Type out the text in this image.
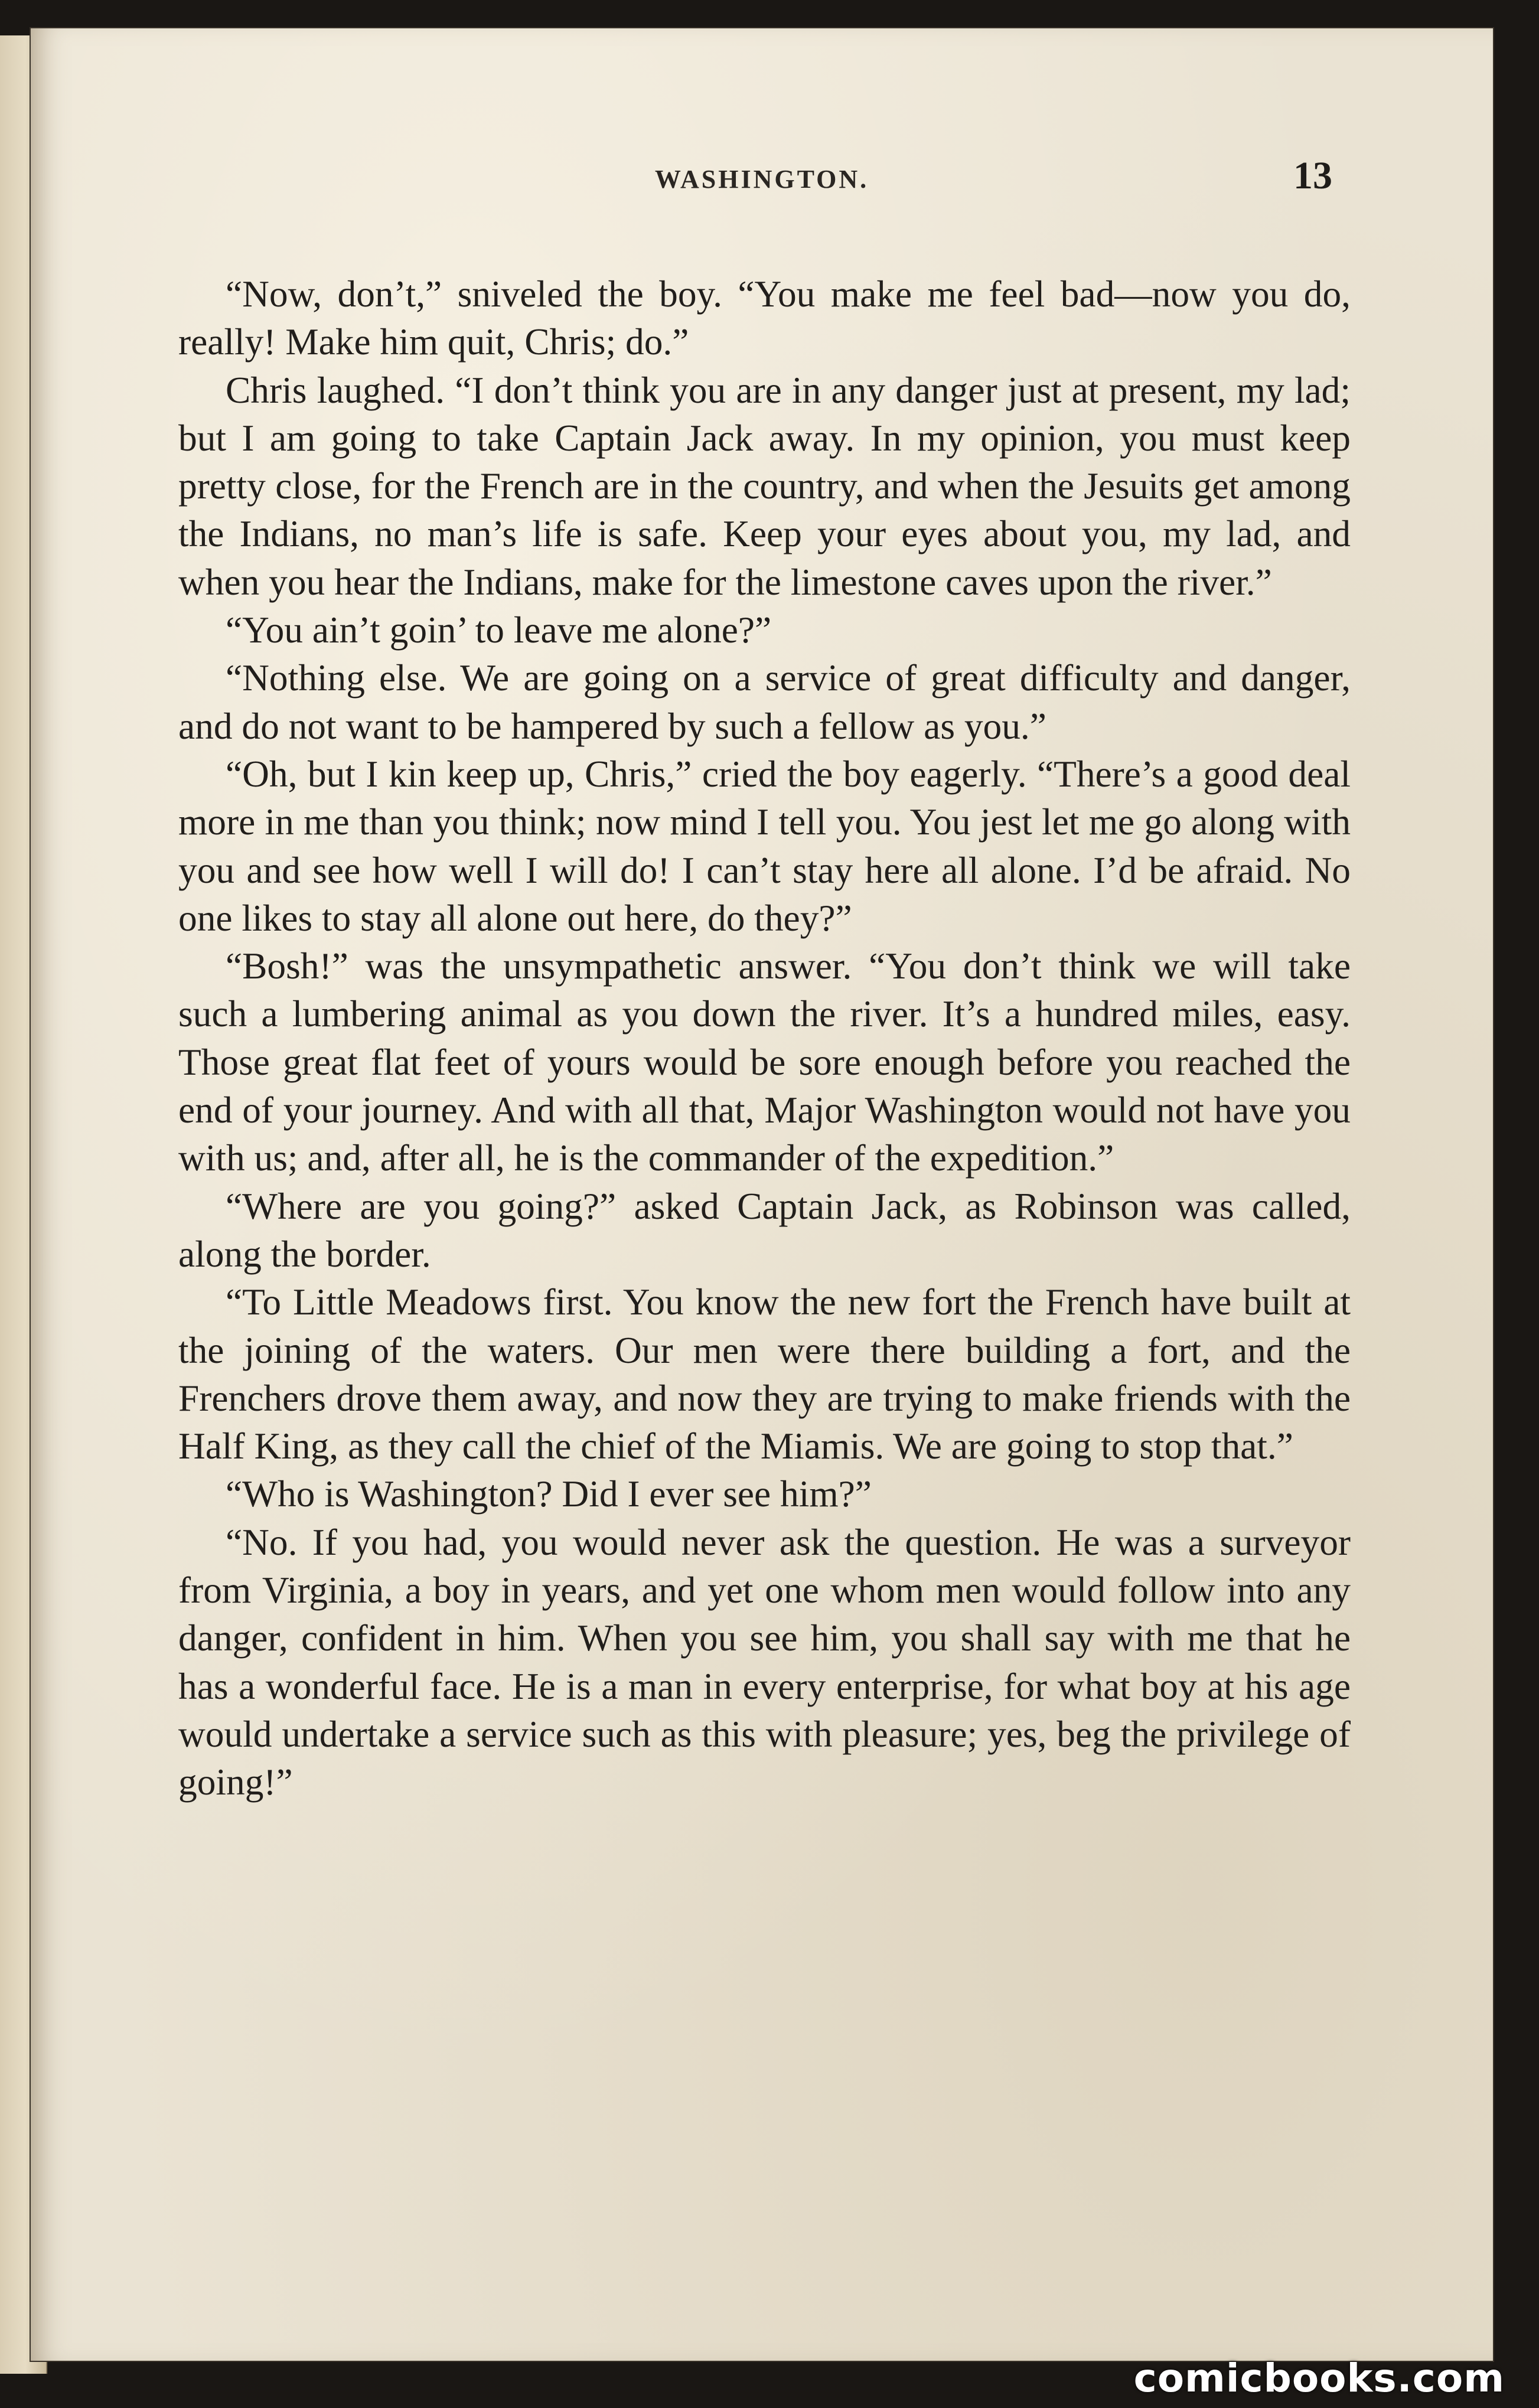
WASHINGTON.	13

“Now, don’t,” sniveled the boy. “You make me feel bad—now you do, really! Make him quit, Chris; do.”

Chris laughed. “I don’t think you are in any danger just at present, my lad; but I am going to take Captain Jack away. In my opinion, you must keep pretty close, for the French are in the country, and when the Jesuits get among the Indians, no man’s life is safe. Keep your eyes about you, my lad, and when you hear the Indians, make for the limestone caves upon the river.”

“You ain’t goin’ to leave me alone?”

“Nothing else. We are going on a service of great difficulty and danger, and do not want to be hampered by such a fellow as you.”

“Oh, but I kin keep up, Chris,” cried the boy eagerly. “There’s a good deal more in me than you think; now mind I tell you. You jest let me go along with you and see how well I will do! I can’t stay here all alone. I’d be afraid. No one likes to stay all alone out here, do they?”

“Bosh!” was the unsympathetic answer. “You don’t think we will take such a lumbering animal as you down the river. It’s a hundred miles, easy. Those great flat feet of yours would be sore enough before you reached the end of your journey. And with all that, Major Washington would not have you with us; and, after all, he is the commander of the expedition.”

“Where are you going?” asked Captain Jack, as Robinson was called, along the border.

“To Little Meadows first. You know the new fort the French have built at the joining of the waters. Our men were there building a fort, and the Frenchers drove them away, and now they are trying to make friends with the Half King, as they call the chief of the Miamis. We are going to stop that.”

“Who is Washington? Did I ever see him?”

“No. If you had, you would never ask the question. He was a surveyor from Virginia, a boy in years, and yet one whom men would follow into any danger, confident in him. When you see him, you shall say with me that he has a wonderful face. He is a man in every enterprise, for what boy at his age would undertake a service such as this with pleasure; yes, beg the privilege of going!”

comicbooks.com
